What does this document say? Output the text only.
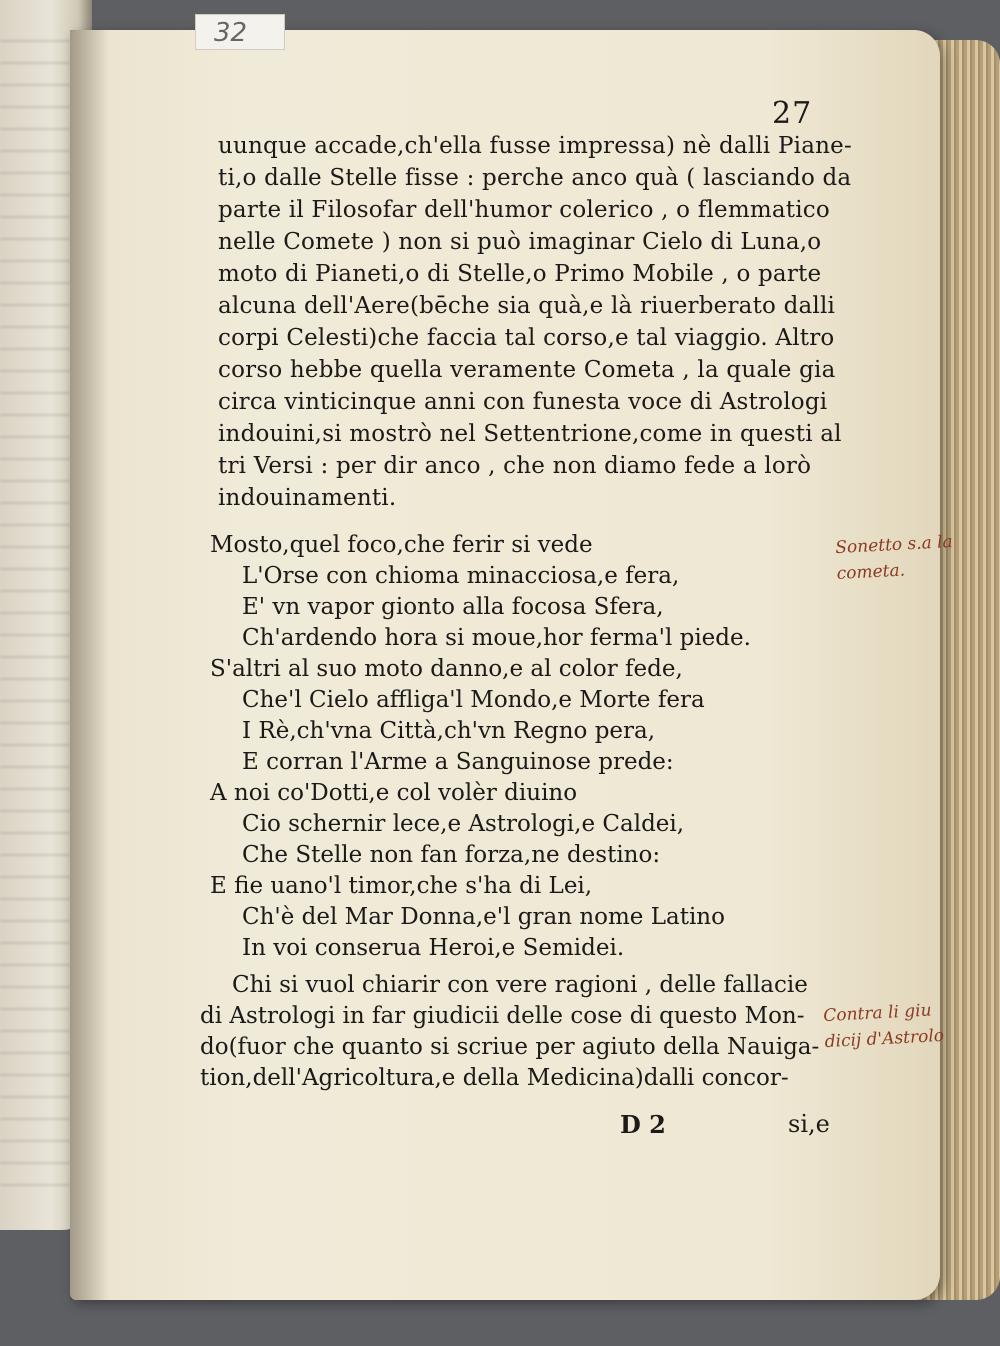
32
27
uunque accade,ch'ella fusse impressa) nè dalli Piane-
ti,o dalle Stelle fisse : perche anco quà ( lasciando da
parte il Filosofar dell'humor colerico , o flemmatico
nelle Comete ) non si può imaginar Cielo di Luna,o
moto di Pianeti,o di Stelle,o Primo Mobile , o parte
alcuna dell'Aere(bēche sia quà,e là riuerberato dalli
corpi Celesti)che faccia tal corso,e tal viaggio. Altro
corso hebbe quella veramente Cometa , la quale gia
circa vinticinque anni con funesta voce di Astrologi
indouini,si mostrò nel Settentrione,come in questi al
tri Versi : per dir anco , che non diamo fede a lorò
indouinamenti.
Mosto,quel foco,che ferir si vede
L'Orse con chioma minacciosa,e fera,
E' vn vapor gionto alla focosa Sfera,
Ch'ardendo hora si moue,hor ferma'l piede.
S'altri al suo moto danno,e al color fede,
Che'l Cielo affliga'l Mondo,e Morte fera
I Rè,ch'vna Città,ch'vn Regno pera,
E corran l'Arme a Sanguinose prede:
A noi co'Dotti,e col volèr diuino
Cio schernir lece,e Astrologi,e Caldei,
Che Stelle non fan forza,ne destino:
E fie uano'l timor,che s'ha di Lei,
Ch'è del Mar Donna,e'l gran nome Latino
In voi conserua Heroi,e Semidei.
Chi si vuol chiarir con vere ragioni , delle fallacie
di Astrologi in far giudicii delle cose di questo Mon-
do(fuor che quanto si scriue per agiuto della Nauiga-
tion,dell'Agricoltura,e della Medicina)dalli concor-
D 2	si,e
Sonetto s.a la
cometa.
Contra li giu
dicij d'Astrolo
